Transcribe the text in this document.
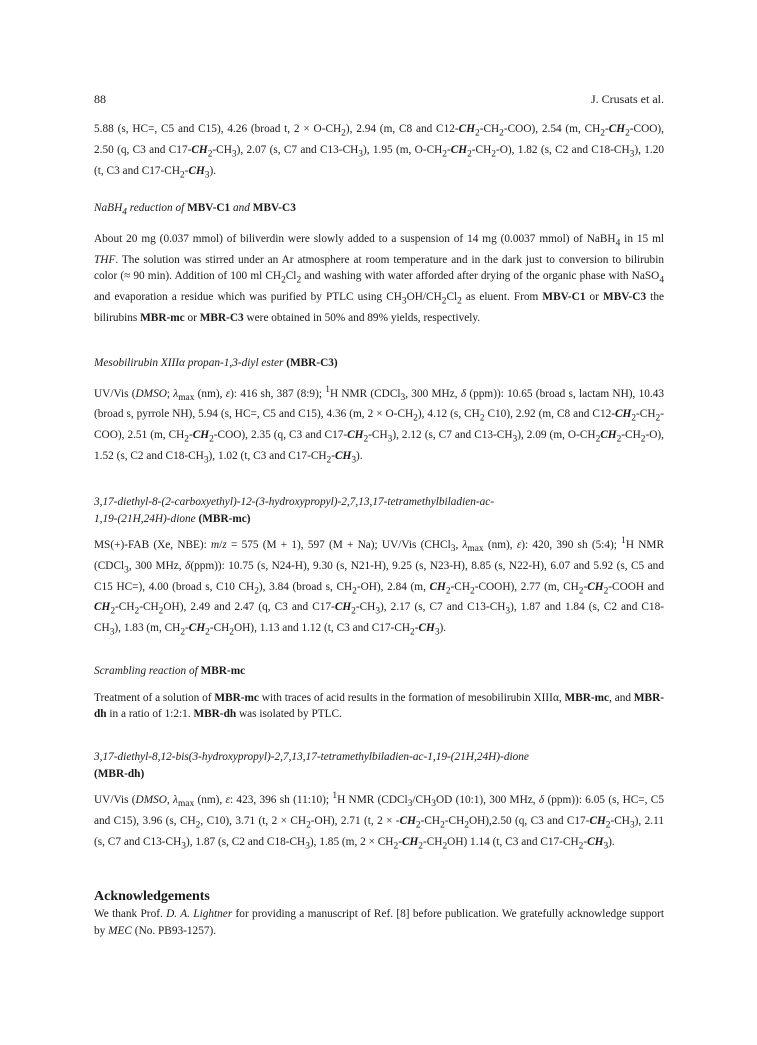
88	J. Crusats et al.

5.88 (s, HC=, C5 and C15), 4.26 (broad t, $2 \times O-CH_2$), 2.94 (m, C8 and $C12-CH_2-CH_2-COO$), 2.54 (m, $CH_2-CH_2-COO$), 2.50 (q, C3 and $C17-CH_2-CH_3$), 2.07 (s, C7 and $C13-CH_3$), 1.95 (m, $O-CH_2-CH_2-CH_2-O$), 1.82 (s, C2 and $C18-CH_3$), 1.20 (t, C3 and $C17-CH_2-CH_3$).

NaBH$_4$ reduction of MBV-C1 and MBV-C3

About 20 mg (0.037 mmol) of biliverdin were slowly added to a suspension of 14 mg (0.0037 mmol) of NaBH$_4$ in 15 ml THF. The solution was stirred under an Ar atmosphere at room temperature and in the dark just to conversion to bilirubin color (≈ 90 min). Addition of 100 ml $CH_2Cl_2$ and washing with water afforded after drying of the organic phase with NaSO$_4$ and evaporation a residue which was purified by PTLC using $CH_3OH/CH_2Cl_2$ as eluent. From MBV-C1 or MBV-C3 the bilirubins MBR-mc or MBR-C3 were obtained in 50% and 89% yields, respectively.

Mesobilirubin XIIIα propan-1,3-diyl ester (MBR-C3)

UV/Vis (DMSO; $\lambda_{max}$ (nm), ε): 416 sh, 387 (8:9); $^1$H NMR (CDCl$_3$, 300 MHz, δ (ppm)): 10.65 (broad s, lactam NH), 10.43 (broad s, pyrrole NH), 5.94 (s, HC=, C5 and C15), 4.36 (m, $2 \times O-CH_2$), 4.12 (s, $CH_2$ C10), 2.92 (m, C8 and $C12-CH_2-CH_2-COO$), 2.51 (m, $CH_2-CH_2-COO$), 2.35 (q, C3 and $C17-CH_2-CH_3$), 2.12 (s, C7 and $C13-CH_3$), 2.09 (m, $O-CH_2CH_2-CH_2-O$), 1.52 (s, C2 and $C18-CH_3$), 1.02 (t, C3 and $C17-CH_2-CH_3$).

3,17-diethyl-8-(2-carboxyethyl)-12-(3-hydroxypropyl)-2,7,13,17-tetramethylbiladien-ac-
1,19-(21H,24H)-dione (MBR-mc)

MS(+)-FAB (Xe, NBE): m/z = 575 (M + 1), 597 (M + Na); UV/Vis (CHCl$_3$, $\lambda_{max}$ (nm), ε): 420, 390 sh (5:4); $^1$H NMR (CDCl$_3$, 300 MHz, δ(ppm)): 10.75 (s, N24-H), 9.30 (s, N21-H), 9.25 (s, N23-H), 8.85 (s, N22-H), 6.07 and 5.92 (s, C5 and C15 HC=), 4.00 (broad s, C10 $CH_2$), 3.84 (broad s, $CH_2-OH$), 2.84 (m, $CH_2-CH_2-COOH$), 2.77 (m, $CH_2-CH_2$-COOH and $CH_2-CH_2-CH_2OH$), 2.49 and 2.47 (q, C3 and $C17-CH_2-CH_3$), 2.17 (s, C7 and $C13-CH_3$), 1.87 and 1.84 (s, C2 and $C18-CH_3$), 1.83 (m, $CH_2-CH_2-CH_2OH$), 1.13 and 1.12 (t, C3 and $C17-CH_2-CH_3$).

Scrambling reaction of MBR-mc

Treatment of a solution of MBR-mc with traces of acid results in the formation of mesobilirubin XIIIα, MBR-mc, and MBR-dh in a ratio of 1:2:1. MBR-dh was isolated by PTLC.

3,17-diethyl-8,12-bis(3-hydroxypropyl)-2,7,13,17-tetramethylbiladien-ac-1,19-(21H,24H)-dione
(MBR-dh)

UV/Vis (DMSO, $\lambda_{max}$ (nm), ε: 423, 396 sh (11:10); $^1$H NMR ($CDCl_3/CH_3OD$ (10:1), 300 MHz, δ (ppm)): 6.05 (s, HC=, C5 and C15), 3.96 (s, $CH_2$, C10), 3.71 (t, $2 \times CH_2-OH$), 2.71 (t, $2 \times -CH_2-CH_2-CH_2OH),2.50$ (q, C3 and $C17-CH_2-CH_3$), 2.11 (s, C7 and $C13-CH_3$), 1.87 (s, C2 and $C18-CH_3$), 1.85 (m, $2 \times CH_2-CH_2-CH_2OH$) 1.14 (t, C3 and $C17-CH_2-CH_3$).

Acknowledgements

We thank Prof. D. A. Lightner for providing a manuscript of Ref. [8] before publication. We gratefully acknowledge support by MEC (No. PB93-1257).
